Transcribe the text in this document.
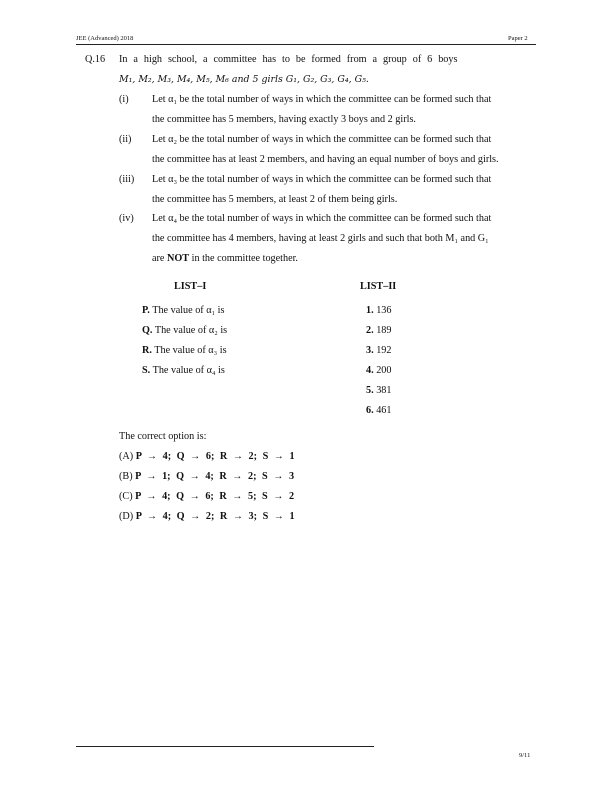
JEE (Advanced) 2018	Paper 2
Q.16 In a high school, a committee has to be formed from a group of 6 boys
M₁, M₂, M₃, M₄, M₅, M₆ and 5 girls G₁, G₂, G₃, G₄, G₅.
(i) Let α₁ be the total number of ways in which the committee can be formed such that
the committee has 5 members, having exactly 3 boys and 2 girls.
(ii) Let α₂ be the total number of ways in which the committee can be formed such that
the committee has at least 2 members, and having an equal number of boys and girls.
(iii) Let α₃ be the total number of ways in which the committee can be formed such that
the committee has 5 members, at least 2 of them being girls.
(iv) Let α₄ be the total number of ways in which the committee can be formed such that
the committee has 4 members, having at least 2 girls and such that both M₁ and G₁
are NOT in the committee together.
LIST–I
P. The value of α₁ is
Q. The value of α₂ is
R. The value of α₃ is
S. The value of α₄ is
LIST–II
1. 136
2. 189
3. 192
4. 200
5. 381
6. 461
The correct option is:
(A) P → 4; Q → 6; R → 2; S → 1
(B) P → 1; Q → 4; R → 2; S → 3
(C) P → 4; Q → 6; R → 5; S → 2
(D) P → 4; Q → 2; R → 3; S → 1
9/11
